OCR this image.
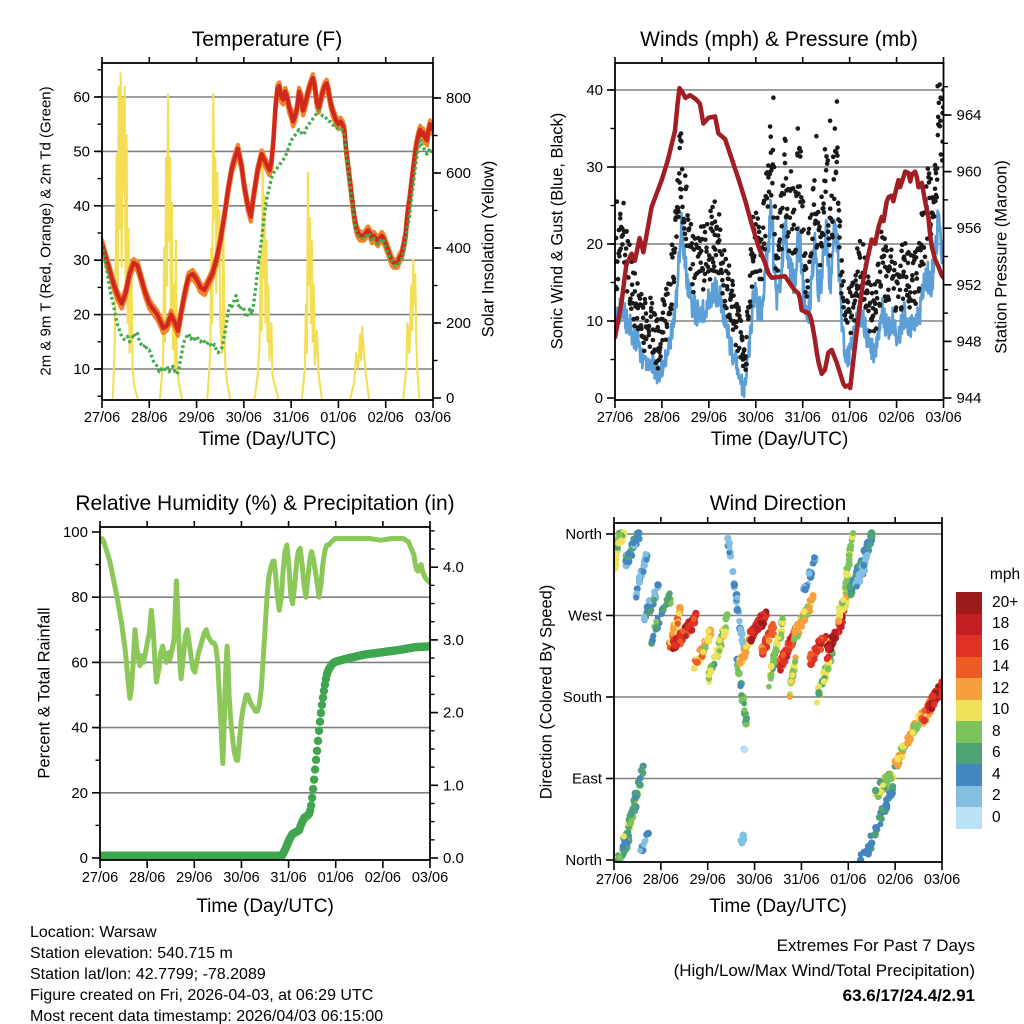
27/06 28/06 29/06 30/06 31/06 01/06 02/06 03/06
10
20
30
40
50
60
0
200
400
600
800
27/06 28/06 29/06 30/06 31/06 01/06 02/06 03/06
0
10
20
30
40
944
948
952
956
960
964
27/06 28/06 29/06 30/06 31/06 01/06 02/06 03/06
0
20
40
60
80
100
0.0
1.0
2.0
3.0
4.0
27/06 28/06 29/06 30/06 31/06 01/06 02/06 03/06
North
West
South
East
North
Temperature (F)	Winds (mph) & Pressure (mb)
Relative Humidity (%) & Precipitation (in)	Wind Direction
Time (Day/UTC)	Time (Day/UTC)
Time (Day/UTC)	Time (Day/UTC)
2m & 9m T (Red, Orange) & 2m Td (Green)	Solar Insolation (Yellow)	Sonic Wind & Gust (Blue, Black)	Station Pressure (Maroon)
Percent & Total Rainfall	Direction (Colored By Speed)
mph
20+
18
16
14
12
10
8
6
4
2
0
Location: Warsaw
Station elevation: 540.715 m
Station lat/lon: 42.7799; -78.2089
Figure created on Fri, 2026-04-03, at 06:29 UTC
Most recent data timestamp: 2026/04/03 06:15:00
Extremes For Past 7 Days
(High/Low/Max Wind/Total Precipitation)
63.6/17/24.4/2.91
